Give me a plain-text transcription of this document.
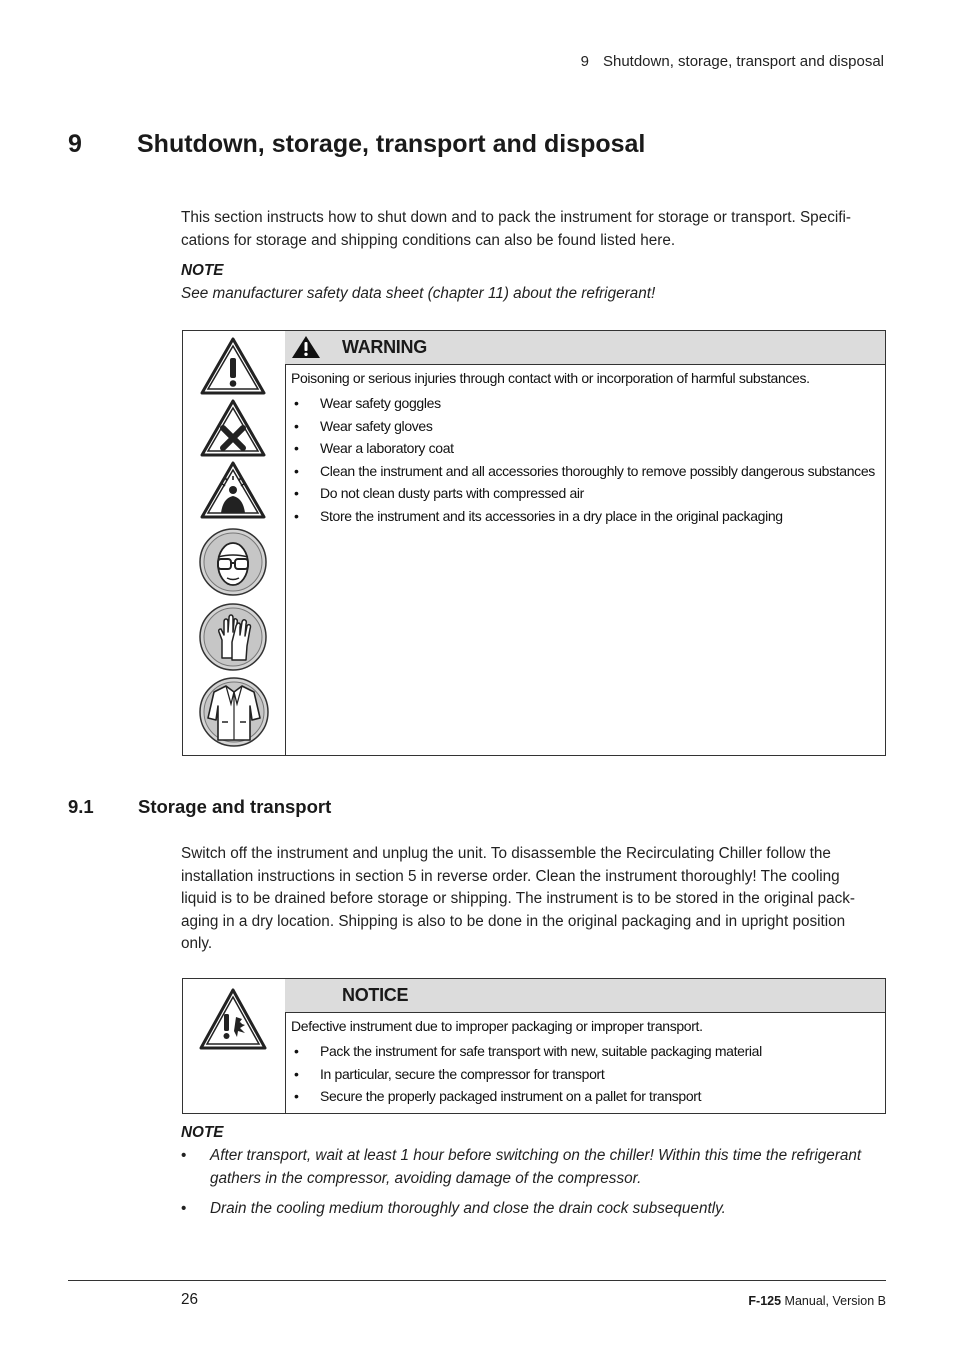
9 Shutdown, storage, transport and disposal
9 Shutdown, storage, transport and disposal
This section instructs how to shut down and to pack the instrument for storage or transport. Specifi-cations for storage and shipping conditions can also be found listed here.
NOTE
See manufacturer safety data sheet (chapter 11) about the refrigerant!
WARNING
Poisoning or serious injuries through contact with or incorporation of harmful substances.
• Wear safety goggles
• Wear safety gloves
• Wear a laboratory coat
• Clean the instrument and all accessories thoroughly to remove possibly dangerous substances
• Do not clean dusty parts with compressed air
• Store the instrument and its accessories in a dry place in the original packaging
9.1 Storage and transport
Switch off the instrument and unplug the unit. To disassemble the Recirculating Chiller follow the installation instructions in section 5 in reverse order. Clean the instrument thoroughly! The cooling liquid is to be drained before storage or shipping. The instrument is to be stored in the original pack-aging in a dry location. Shipping is also to be done in the original packaging and in upright position only.
NOTICE
Defective instrument due to improper packaging or improper transport.
• Pack the instrument for safe transport with new, suitable packaging material
• In particular, secure the compressor for transport
• Secure the properly packaged instrument on a pallet for transport
NOTE
• After transport, wait at least 1 hour before switching on the chiller! Within this time the refrigerant gathers in the compressor, avoiding damage of the compressor.
• Drain the cooling medium thoroughly and close the drain cock subsequently.
26	F-125 Manual, Version B
